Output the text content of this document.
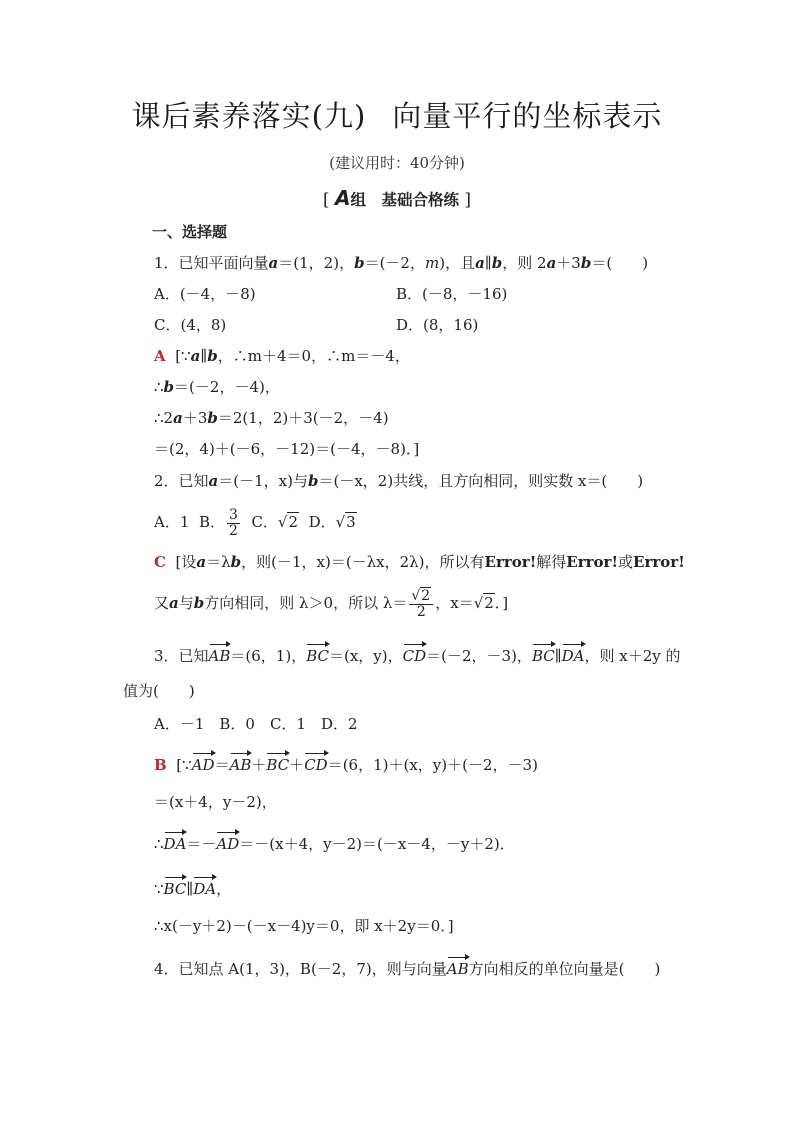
课后素养落实(九) 向量平行的坐标表示
(建议用时：40分钟)
[ A组　基础合格练 ]
一、选择题
1．已知平面向量a＝(1，2)，b＝(－2，m)，且a∥b，则 2a＋3b＝(　　)
A．(－4，－8)	B．(－8，－16)
C．(4，8)	D．(8，16)
A [∵a∥b，∴m＋4＝0，∴m＝－4，
∴b＝(－2，－4)，
∴2a＋3b＝2(1，2)＋3(－2，－4)
＝(2，4)＋(－6，－12)＝(－4，－8)．]
2．已知a＝(－1，x)与b＝(－x，2)共线，且方向相同，则实数 x＝(　　)
A．1 B． $\frac{3}{2}$ C．√2 D．√3
C [设a＝λb，则(－1，x)＝(－λx，2λ)，所以有Error!解得Error!或Error!
又a与b方向相同，则 λ＞0，所以 $\lambda= \frac{√2}{2}$ ，x＝√2．]
3．已知AB＝(6，1)，BC＝(x，y)，CD＝(－2，－3)，BC∥DA，则 x＋2y 的
值为(　　)
A．－1　B．0　C．1　D．2
B [∵AD＝AB＋BC＋CD＝(6，1)＋(x，y)＋(－2，－3)
＝(x＋4，y－2)，
∴DA＝－AD＝－(x＋4，y－2)＝(－x－4，－y＋2)．
∵BC∥DA，
∴x(－y＋2)－(－x－4)y＝0，即 x＋2y＝0．]
4．已知点 A(1，3)，B(－2，7)，则与向量AB方向相反的单位向量是(　　)
